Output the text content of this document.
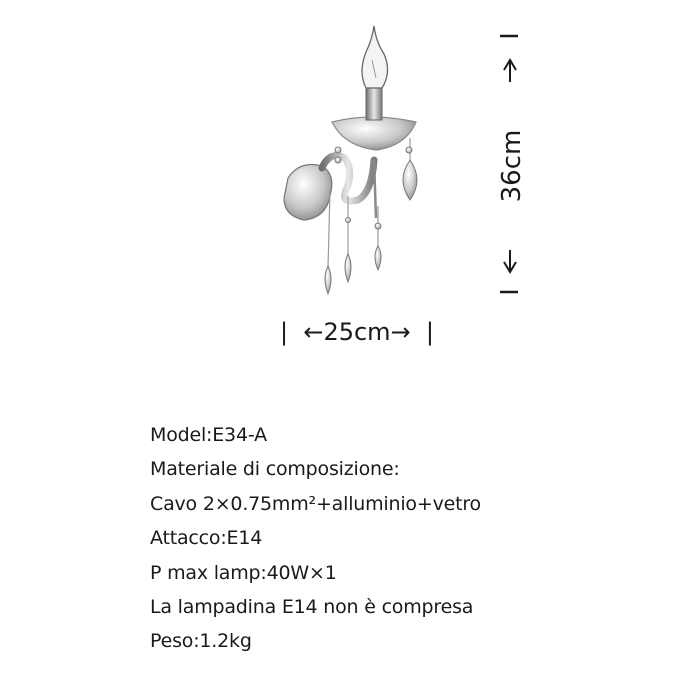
36cm
|  ←25cm→  |
Model:E34-A
Materiale di composizione:
Cavo 2×0.75mm²+alluminio+vetro
Attacco:E14
P max lamp:40W×1
La lampadina E14 non è compresa
Peso:1.2kg
